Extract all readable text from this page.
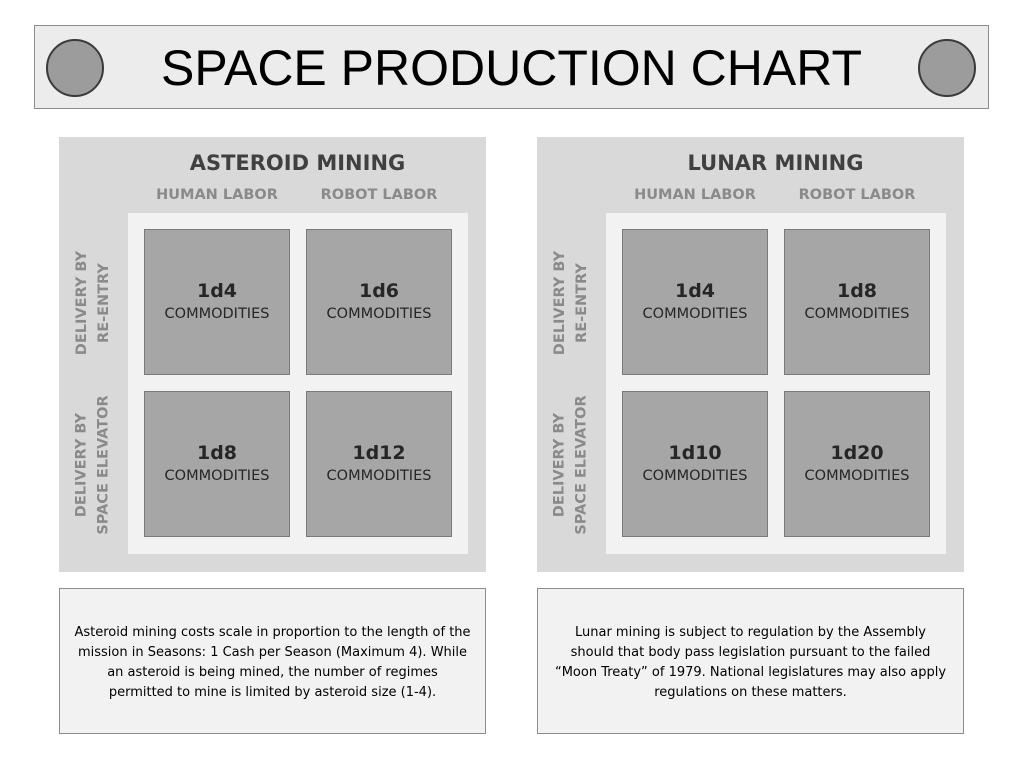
SPACE PRODUCTION CHART
ASTEROID MINING
HUMAN LABOR	ROBOT LABOR
DELIVERY BY RE-ENTRY
DELIVERY BY SPACE ELEVATOR
1d4
COMMODITIES
1d6
COMMODITIES
1d8
COMMODITIES
1d12
COMMODITIES
LUNAR MINING
HUMAN LABOR	ROBOT LABOR
DELIVERY BY RE-ENTRY
DELIVERY BY SPACE ELEVATOR
1d4
COMMODITIES
1d8
COMMODITIES
1d10
COMMODITIES
1d20
COMMODITIES
Asteroid mining costs scale in proportion to the length of the mission in Seasons: 1 Cash per Season (Maximum 4). While an asteroid is being mined, the number of regimes permitted to mine is limited by asteroid size (1-4).
Lunar mining is subject to regulation by the Assembly should that body pass legislation pursuant to the failed “Moon Treaty” of 1979. National legislatures may also apply regulations on these matters.
